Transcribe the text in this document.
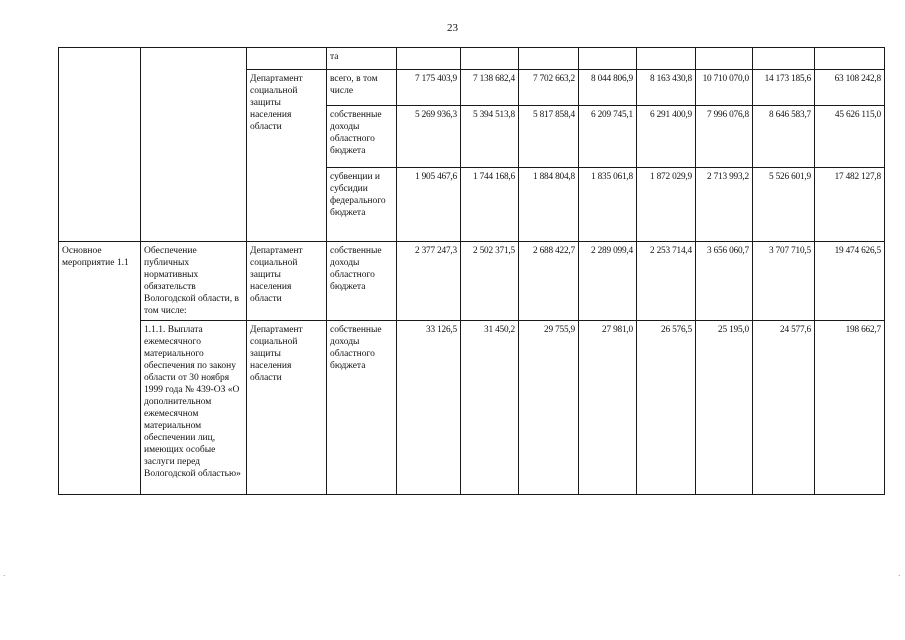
23
			та								
		Департамент социальной защиты населения области	всего, в том числе	7 175 403,9	7 138 682,4	7 702 663,2	8 044 806,9	8 163 430,8	10 710 070,0	14 173 185,6	63 108 242,8
			собственные доходы областного бюджета	5 269 936,3	5 394 513,8	5 817 858,4	6 209 745,1	6 291 400,9	7 996 076,8	8 646 583,7	45 626 115,0
			субвенции и субсидии федерального бюджета	1 905 467,6	1 744 168,6	1 884 804,8	1 835 061,8	1 872 029,9	2 713 993,2	5 526 601,9	17 482 127,8
Основное мероприятие 1.1	Обеспечение публичных нормативных обязательств Вологодской области, в том числе:	Департамент социальной защиты населения области	собственные доходы областного бюджета	2 377 247,3	2 502 371,5	2 688 422,7	2 289 099,4	2 253 714,4	3 656 060,7	3 707 710,5	19 474 626,5
	1.1.1. Выплата ежемесячного материального обеспечения по закону области от 30 ноября 1999 года № 439-ОЗ «О дополнительном ежемесячном материальном обеспечении лиц, имеющих особые заслуги перед Вологодской областью»	Департамент социальной защиты населения области	собственные доходы областного бюджета	33 126,5	31 450,2	29 755,9	27 981,0	26 576,5	25 195,0	24 577,6	198 662,7
·	·
